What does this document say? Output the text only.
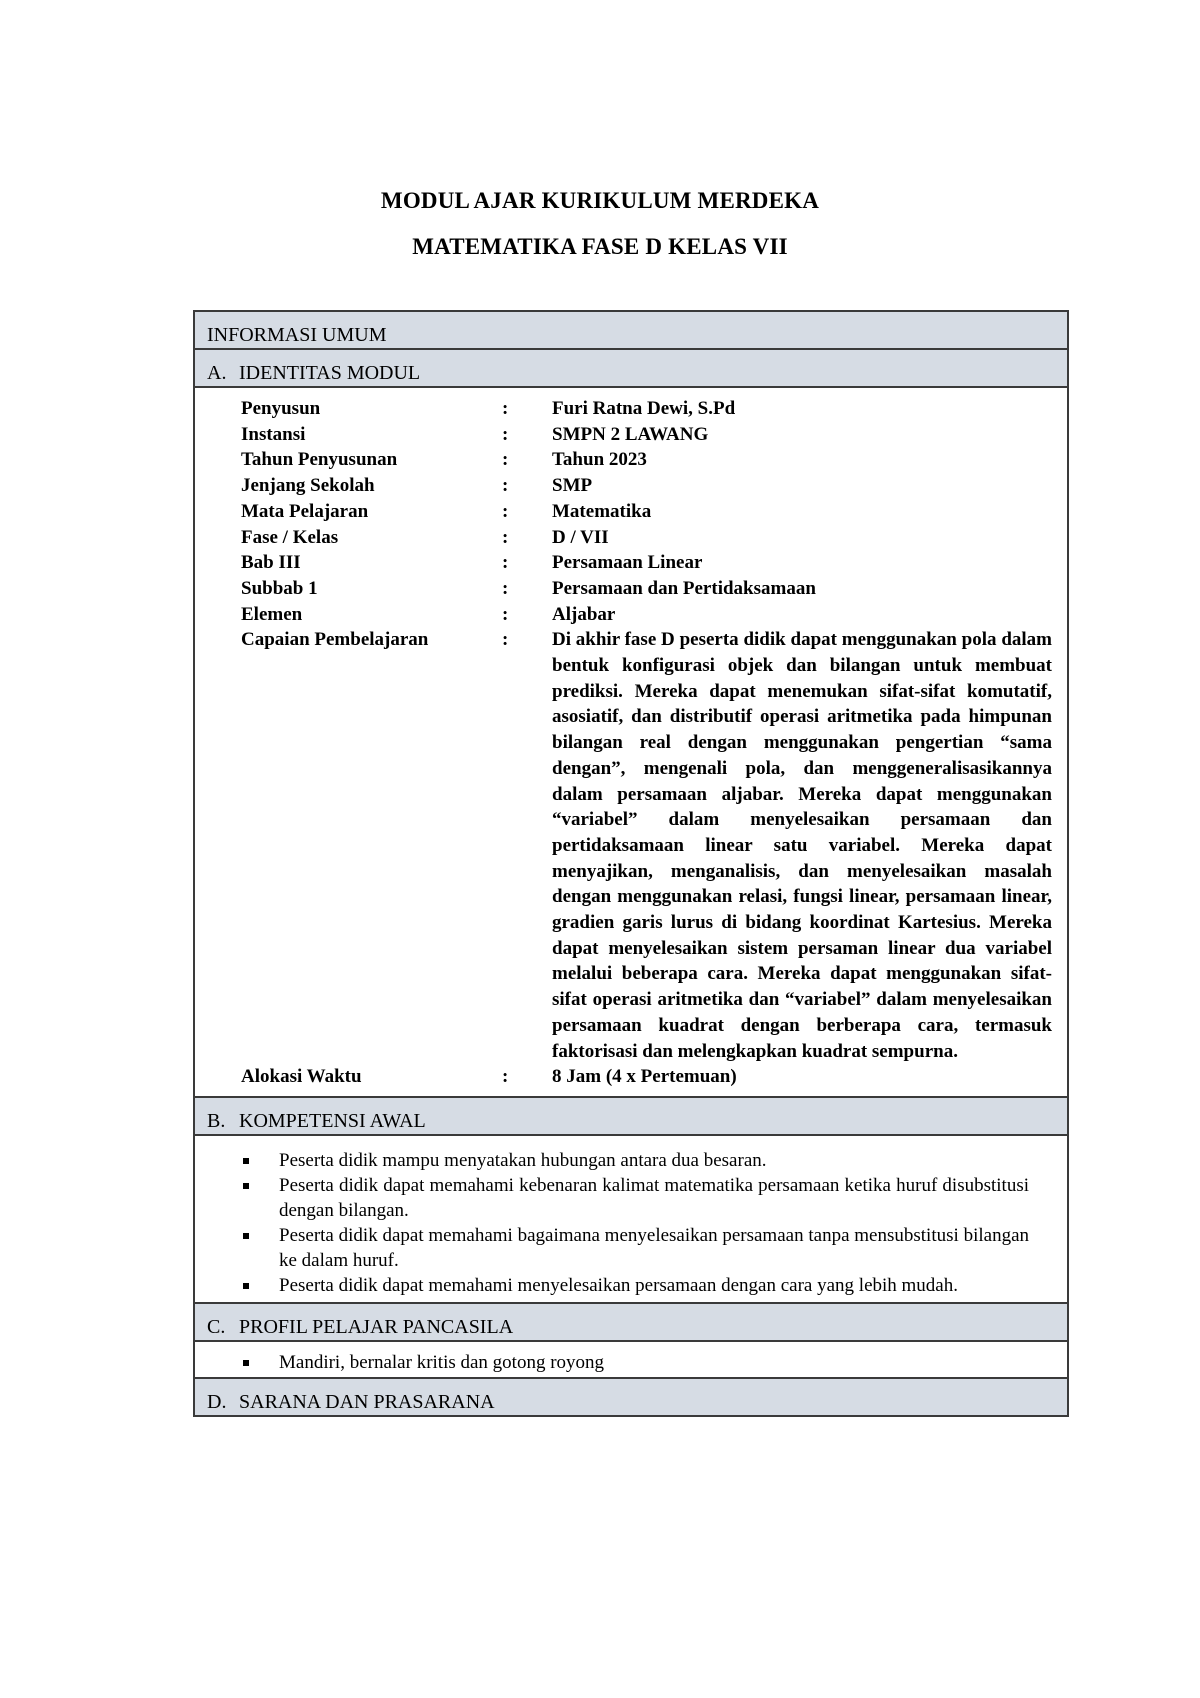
MODUL AJAR KURIKULUM MERDEKA
MATEMATIKA FASE D KELAS VII
INFORMASI UMUM
A. IDENTITAS MODUL

Penyusun	:	Furi Ratna Dewi, S.Pd
Instansi	:	SMPN 2 LAWANG
Tahun Penyusunan	:	Tahun 2023
Jenjang Sekolah	:	SMP
Mata Pelajaran	:	Matematika
Fase / Kelas	:	D / VII
Bab III	:	Persamaan Linear
Subbab 1	:	Persamaan dan Pertidaksamaan
Elemen	:	Aljabar
Capaian Pembelajaran	:	Di akhir fase D peserta didik dapat menggunakan pola dalam bentuk konfigurasi objek dan bilangan untuk membuat prediksi. Mereka dapat menemukan sifat-sifat komutatif, asosiatif, dan distributif operasi aritmetika pada himpunan bilangan real dengan menggunakan pengertian “sama dengan”, mengenali pola, dan menggeneralisasikannya dalam persamaan aljabar. Mereka dapat menggunakan “variabel” dalam menyelesaikan persamaan dan pertidaksamaan linear satu variabel. Mereka dapat menyajikan, menganalisis, dan menyelesaikan masalah dengan menggunakan relasi, fungsi linear, persamaan linear, gradien garis lurus di bidang koordinat Kartesius. Mereka dapat menyelesaikan sistem persaman linear dua variabel melalui beberapa cara. Mereka dapat menggunakan sifat-sifat operasi aritmetika dan “variabel” dalam menyelesaikan persamaan kuadrat dengan berberapa cara, termasuk faktorisasi dan melengkapkan kuadrat sempurna.
Alokasi Waktu	:	8 Jam (4 x Pertemuan)

B. KOMPETENSI AWAL

Peserta didik mampu menyatakan hubungan antara dua besaran.
Peserta didik dapat memahami kebenaran kalimat matematika persamaan ketika huruf disubstitusi dengan bilangan.
Peserta didik dapat memahami bagaimana menyelesaikan persamaan tanpa mensubstitusi bilangan ke dalam huruf.
Peserta didik dapat memahami menyelesaikan persamaan dengan cara yang lebih mudah.

C. PROFIL PELAJAR PANCASILA

Mandiri, bernalar kritis dan gotong royong

D. SARANA DAN PRASARANA
